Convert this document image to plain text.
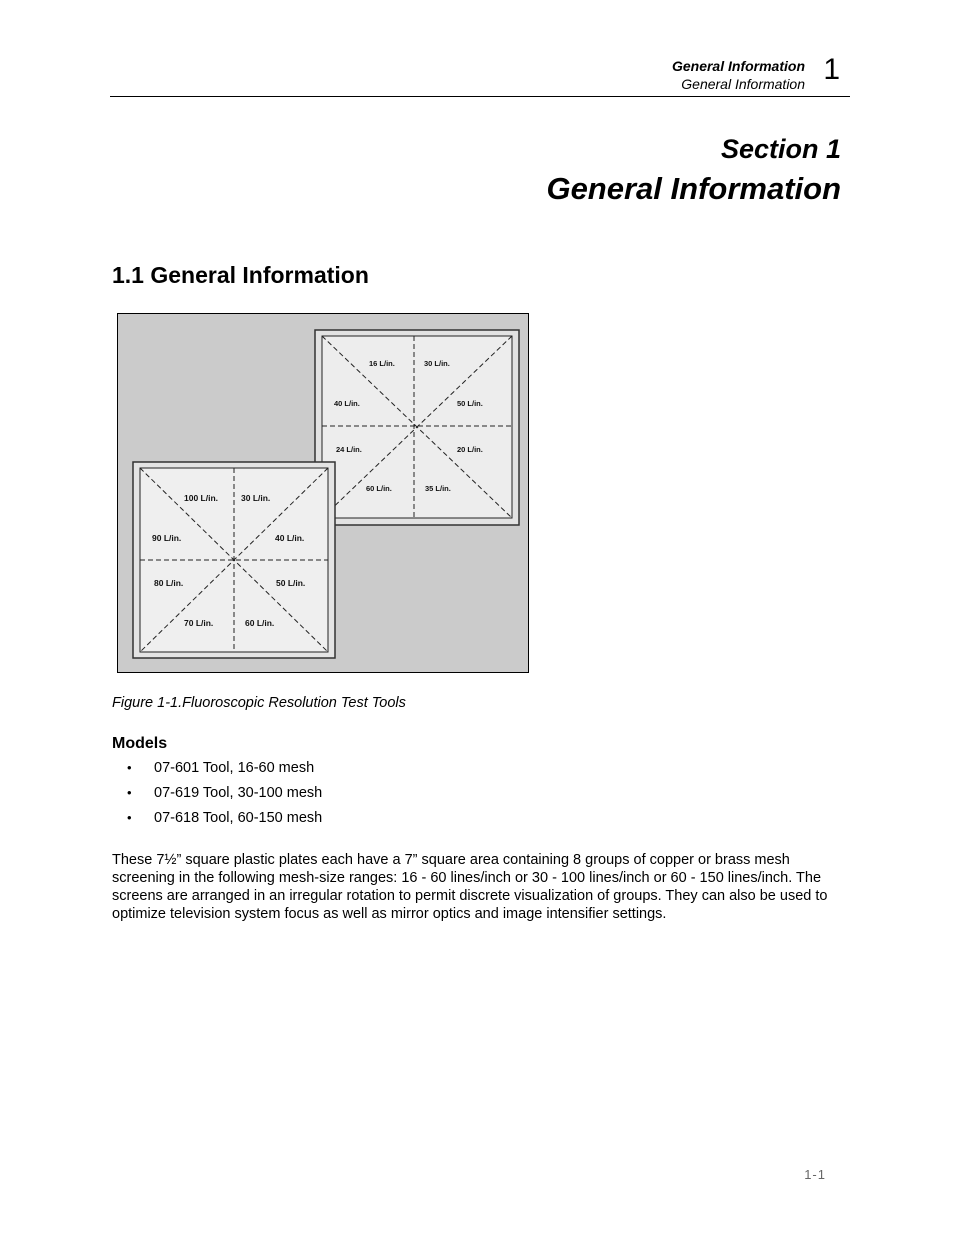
General Information
General Information 1
Section 1
General Information
1.1 General Information
16 L/in.	30 L/in.
40 L/in.	50 L/in.
24 L/in.	20 L/in.
60 L/in.	35 L/in.
100 L/in.	30 L/in.
90 L/in.	40 L/in.
80 L/in.	50 L/in.
70 L/in.	60 L/in.
Figure 1-1.Fluoroscopic Resolution Test Tools
Models
• 07-601 Tool, 16-60 mesh
• 07-619 Tool, 30-100 mesh
• 07-618 Tool, 60-150 mesh

These 7½” square plastic plates each have a 7” square area containing 8 groups of copper or brass mesh screening in the following mesh-size ranges: 16 - 60 lines/inch or 30 - 100 lines/inch or 60 - 150 lines/inch. The screens are arranged in an irregular rotation to permit discrete visualization of groups. They can also be used to optimize television system focus as well as mirror optics and image intensifier settings.

1-1
